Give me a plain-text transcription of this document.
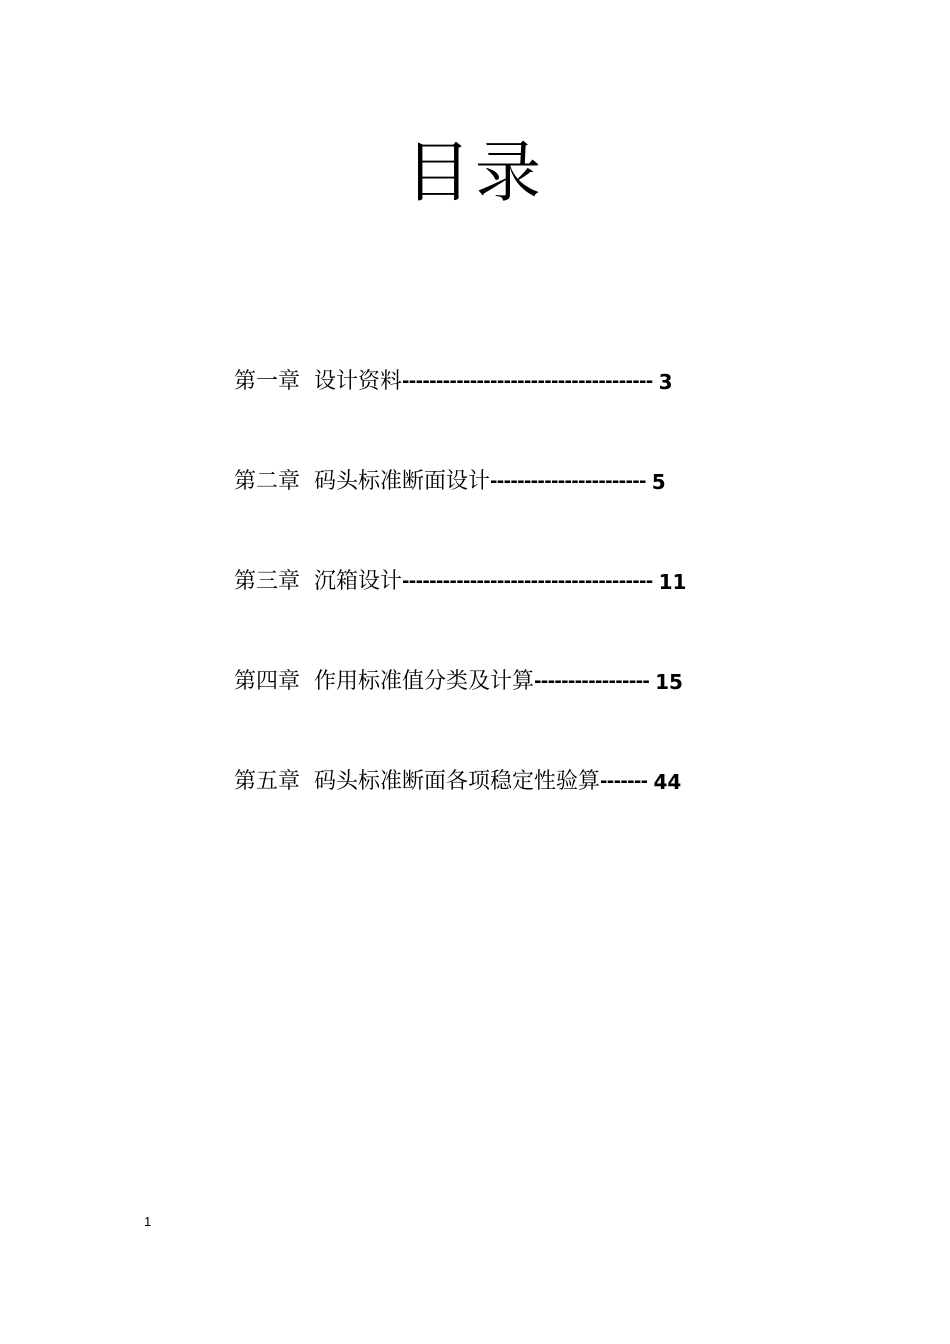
目录
第一章 设计资料 ------------------------------------- 3
第二章 码头标准断面设计 ----------------------- 5
第三章 沉箱设计 ------------------------------------- 11
第四章 作用标准值分类及计算 ----------------- 15
第五章 码头标准断面各项稳定性验算 ------- 44
1
